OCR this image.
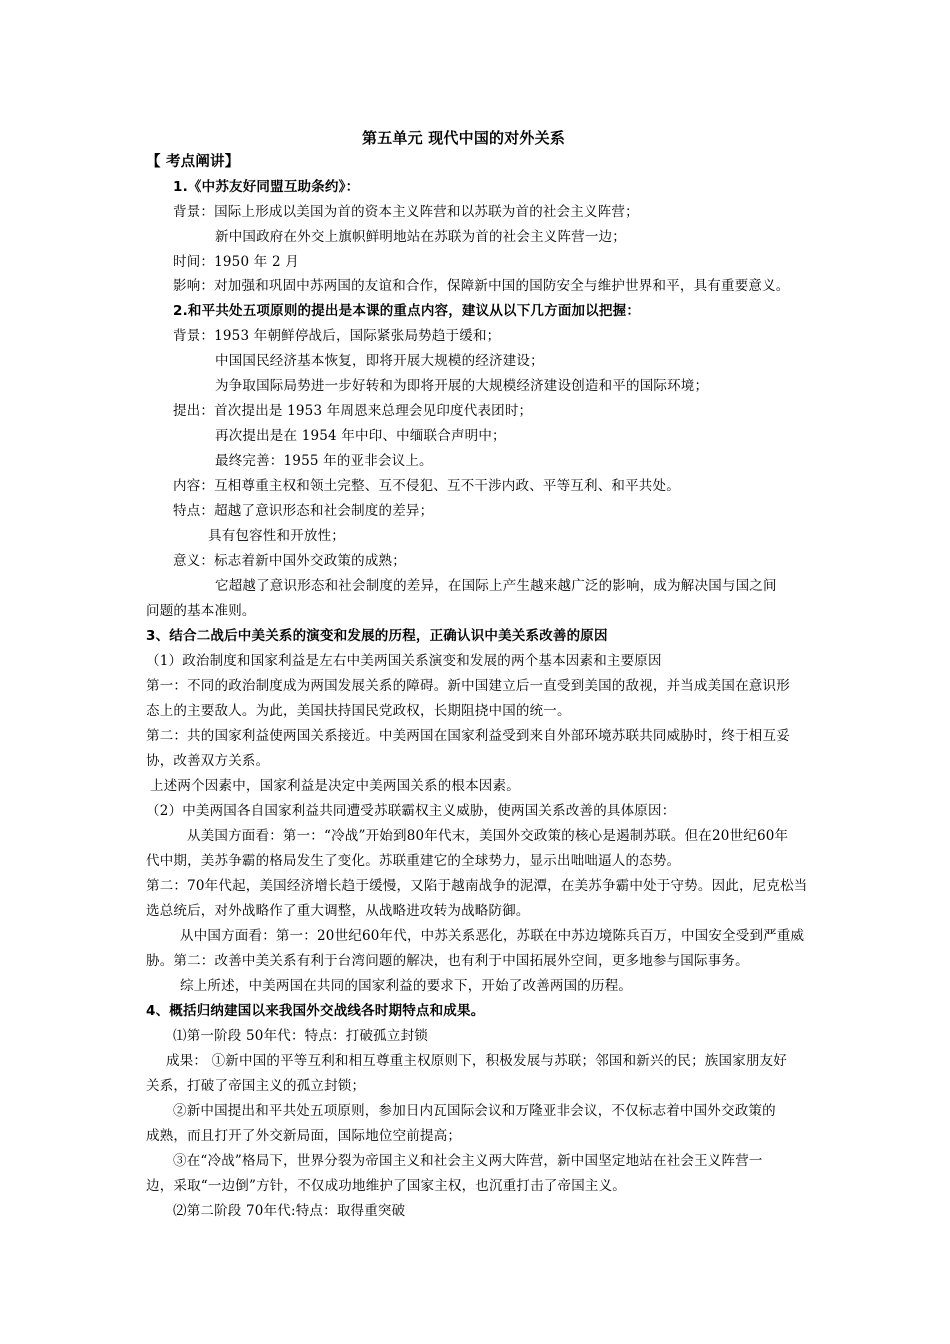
第五单元 现代中国的对外关系
【 考点阐讲】
1.《中苏友好同盟互助条约》：
背景：国际上形成以美国为首的资本主义阵营和以苏联为首的社会主义阵营；
新中国政府在外交上旗帜鲜明地站在苏联为首的社会主义阵营一边；
时间：1950 年 2 月
影响：对加强和巩固中苏两国的友谊和合作，保障新中国的国防安全与维护世界和平，具有重要意义。
2.和平共处五项原则的提出是本课的重点内容，建议从以下几方面加以把握：
背景：1953 年朝鲜停战后，国际紧张局势趋于缓和；
中国国民经济基本恢复，即将开展大规模的经济建设；
为争取国际局势进一步好转和为即将开展的大规模经济建设创造和平的国际环境；
提出：首次提出是 1953 年周恩来总理会见印度代表团时；
再次提出是在 1954 年中印、中缅联合声明中；
最终完善：1955 年的亚非会议上。
内容：互相尊重主权和领土完整、互不侵犯、互不干涉内政、平等互利、和平共处。
特点：超越了意识形态和社会制度的差异；
具有包容性和开放性；
意义：标志着新中国外交政策的成熟；
它超越了意识形态和社会制度的差异，在国际上产生越来越广泛的影响，成为解决国与国之间
问题的基本准则。
3、结合二战后中美关系的演变和发展的历程，正确认识中美关系改善的原因
（1）政治制度和国家利益是左右中美两国关系演变和发展的两个基本因素和主要原因
第一：不同的政治制度成为两国发展关系的障碍。新中国建立后一直受到美国的敌视，并当成美国在意识形
态上的主要敌人。为此，美国扶持国民党政权，长期阻挠中国的统一。
第二：共的国家利益使两国关系接近。中美两国在国家利益受到来自外部环境苏联共同威胁时，终于相互妥
协，改善双方关系。
上述两个因素中，国家利益是决定中美两国关系的根本因素。
（2）中美两国各自国家利益共同遭受苏联霸权主义威胁，使两国关系改善的具体原因：
从美国方面看：第一：“冷战”开始到80年代末，美国外交政策的核心是遏制苏联。但在20世纪60年
代中期，美苏争霸的格局发生了变化。苏联重建它的全球势力，显示出咄咄逼人的态势。
第二：70年代起，美国经济增长趋于缓慢，又陷于越南战争的泥潭，在美苏争霸中处于守势。因此，尼克松当
选总统后，对外战略作了重大调整，从战略进攻转为战略防御。
从中国方面看：第一：20世纪60年代，中苏关系恶化，苏联在中苏边境陈兵百万，中国安全受到严重威
胁。第二：改善中美关系有利于台湾问题的解决，也有利于中国拓展外空间，更多地参与国际事务。
综上所述，中美两国在共同的国家利益的要求下，开始了改善两国的历程。
4、概括归纳建国以来我国外交战线各时期特点和成果。
⑴第一阶段 50年代：特点：打破孤立封锁
成果： ①新中国的平等互利和相互尊重主权原则下，积极发展与苏联；邻国和新兴的民；族国家朋友好
关系，打破了帝国主义的孤立封锁；
②新中国提出和平共处五项原则，参加日内瓦国际会议和万隆亚非会议，不仅标志着中国外交政策的
成熟，而且打开了外交新局面，国际地位空前提高；
③在“冷战”格局下，世界分裂为帝国主义和社会主义两大阵营，新中国坚定地站在社会王义阵营一
边，采取“一边倒”方针，不仅成功地维护了国家主权，也沉重打击了帝国主义。
⑵第二阶段 70年代:特点：取得重突破
